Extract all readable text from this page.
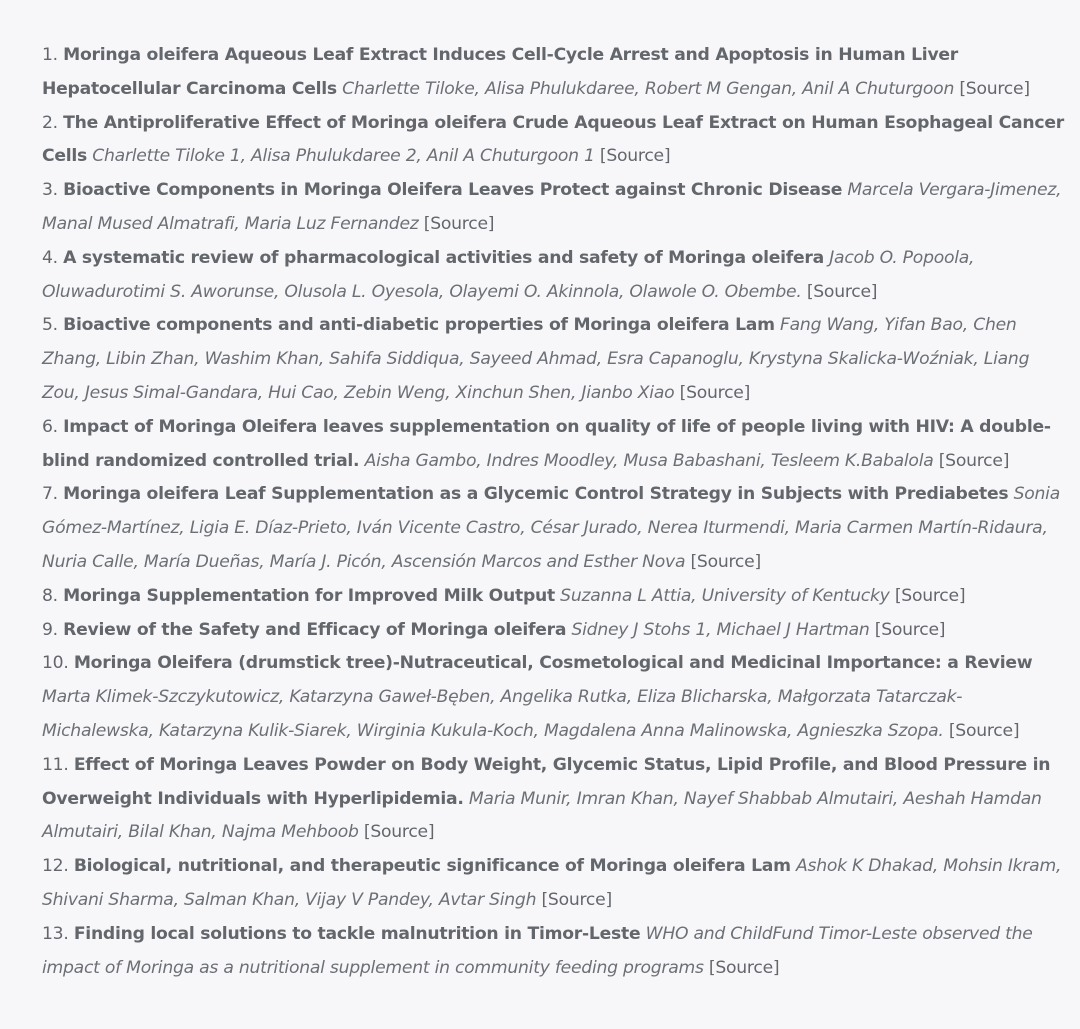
1. Moringa oleifera Aqueous Leaf Extract Induces Cell-Cycle Arrest and Apoptosis in Human Liver Hepatocellular Carcinoma Cells Charlette Tiloke, Alisa Phulukdaree, Robert M Gengan, Anil A Chuturgoon [Source]
2. The Antiproliferative Effect of Moringa oleifera Crude Aqueous Leaf Extract on Human Esophageal Cancer Cells Charlette Tiloke 1, Alisa Phulukdaree 2, Anil A Chuturgoon 1 [Source]
3. Bioactive Components in Moringa Oleifera Leaves Protect against Chronic Disease Marcela Vergara-Jimenez, Manal Mused Almatrafi, Maria Luz Fernandez [Source]
4. A systematic review of pharmacological activities and safety of Moringa oleifera Jacob O. Popoola, Oluwadurotimi S. Aworunse, Olusola L. Oyesola, Olayemi O. Akinnola, Olawole O. Obembe. [Source]
5. Bioactive components and anti-diabetic properties of Moringa oleifera Lam Fang Wang, Yifan Bao, Chen Zhang, Libin Zhan, Washim Khan, Sahifa Siddiqua, Sayeed Ahmad, Esra Capanoglu, Krystyna Skalicka-Woźniak, Liang Zou, Jesus Simal-Gandara, Hui Cao, Zebin Weng, Xinchun Shen, Jianbo Xiao [Source]
6. Impact of Moringa Oleifera leaves supplementation on quality of life of people living with HIV: A double-blind randomized controlled trial. Aisha Gambo, Indres Moodley, Musa Babashani, Tesleem K.Babalola [Source]
7. Moringa oleifera Leaf Supplementation as a Glycemic Control Strategy in Subjects with Prediabetes Sonia Gómez-Martínez, Ligia E. Díaz-Prieto, Iván Vicente Castro, César Jurado, Nerea Iturmendi, Maria Carmen Martín-Ridaura, Nuria Calle, María Dueñas, María J. Picón, Ascensión Marcos and Esther Nova [Source]
8. Moringa Supplementation for Improved Milk Output Suzanna L Attia, University of Kentucky [Source]
9. Review of the Safety and Efficacy of Moringa oleifera Sidney J Stohs 1, Michael J Hartman [Source]
10. Moringa Oleifera (drumstick tree)-Nutraceutical, Cosmetological and Medicinal Importance: a Review Marta Klimek-Szczykutowicz, Katarzyna Gaweł-Bęben, Angelika Rutka, Eliza Blicharska, Małgorzata Tatarczak-Michalewska, Katarzyna Kulik-Siarek, Wirginia Kukula-Koch, Magdalena Anna Malinowska, Agnieszka Szopa. [Source]
11. Effect of Moringa Leaves Powder on Body Weight, Glycemic Status, Lipid Profile, and Blood Pressure in Overweight Individuals with Hyperlipidemia. Maria Munir, Imran Khan, Nayef Shabbab Almutairi, Aeshah Hamdan Almutairi, Bilal Khan, Najma Mehboob [Source]
12. Biological, nutritional, and therapeutic significance of Moringa oleifera Lam Ashok K Dhakad, Mohsin Ikram, Shivani Sharma, Salman Khan, Vijay V Pandey, Avtar Singh [Source]
13. Finding local solutions to tackle malnutrition in Timor-Leste WHO and ChildFund Timor-Leste observed the impact of Moringa as a nutritional supplement in community feeding programs [Source]
